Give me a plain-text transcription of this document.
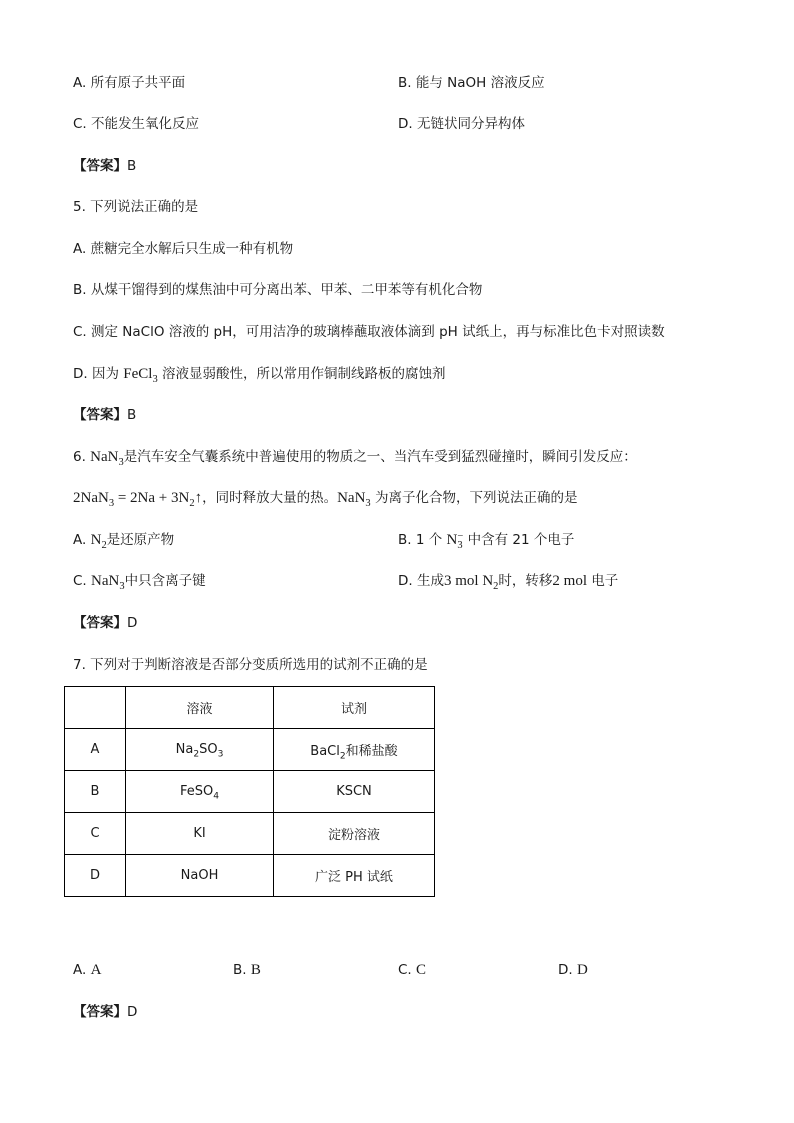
A. 所有原子共平面	B. 能与 NaOH 溶液反应
C. 不能发生氧化反应	D. 无链状同分异构体
【答案】B
5. 下列说法正确的是
A. 蔗糖完全水解后只生成一种有机物
B. 从煤干馏得到的煤焦油中可分离出苯、甲苯、二甲苯等有机化合物
C. 测定 NaClO 溶液的 pH，可用洁净的玻璃棒蘸取液体滴到 pH 试纸上，再与标准比色卡对照读数
D. 因为 FeCl$_3$ 溶液显弱酸性，所以常用作铜制线路板的腐蚀剂
【答案】B
6. NaN$_3$是汽车安全气囊系统中普遍使用的物质之一、当汽车受到猛烈碰撞时，瞬间引发反应：
$2NaN_3 = 2Na + 3N_2↑$，同时释放大量的热。NaN$_3$ 为离子化合物，下列说法正确的是
A. $N_2$是还原产物	B. 1 个 N −
3 中含有 21 个电子
C. NaN$_3$中只含离子键	D. 生成3 mol $N_2$时，转移2 mol 电子
【答案】D
7. 下列对于判断溶液是否部分变质所选用的试剂不正确的是
	溶液	试剂
A	$Na_2SO_3$	BaCl$_2$和稀盐酸
B	FeSO$_4$	KSCN
C	KI	淀粉溶液
D	NaOH	广泛 PH 试纸
A. A	B. B	C. C	D. D
【答案】D
